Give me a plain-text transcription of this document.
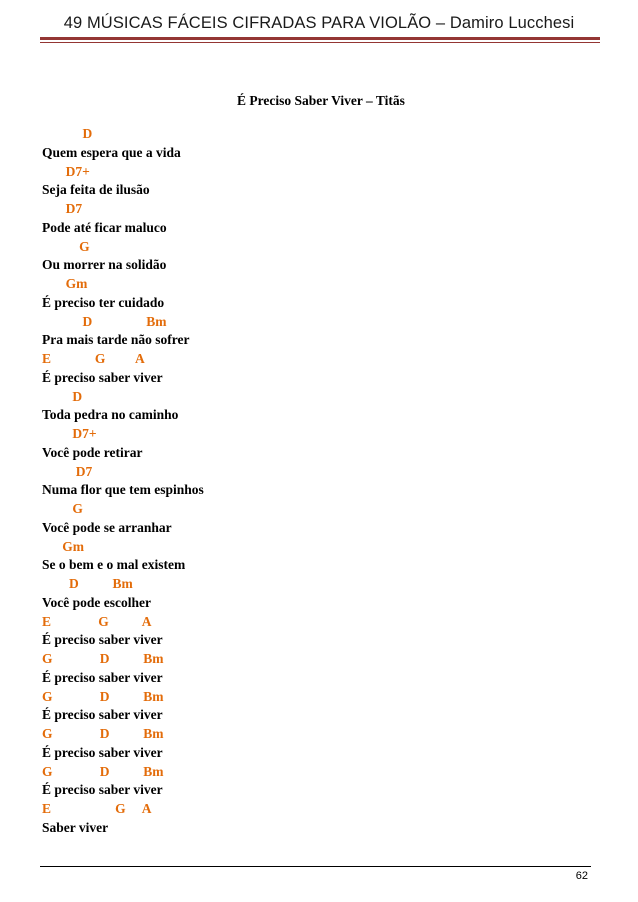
49 MÚSICAS FÁCEIS CIFRADAS PARA VIOLÃO – Damiro Lucchesi
É Preciso Saber Viver – Titãs
D
Quem espera que a vida
D7+
Seja feita de ilusão
D7
Pode até ficar maluco
G
Ou morrer na solidão
Gm
É preciso ter cuidado
D                Bm
Pra mais tarde não sofrer
E             G         A
É preciso saber viver
D
Toda pedra no caminho
D7+
Você pode retirar
D7
Numa flor que tem espinhos
G
Você pode se arranhar
Gm
Se o bem e o mal existem
D          Bm
Você pode escolher
E              G          A
É preciso saber viver
G              D          Bm
É preciso saber viver
G              D          Bm
É preciso saber viver
G              D          Bm
É preciso saber viver
G              D          Bm
É preciso saber viver
E                   G     A
Saber viver
62
